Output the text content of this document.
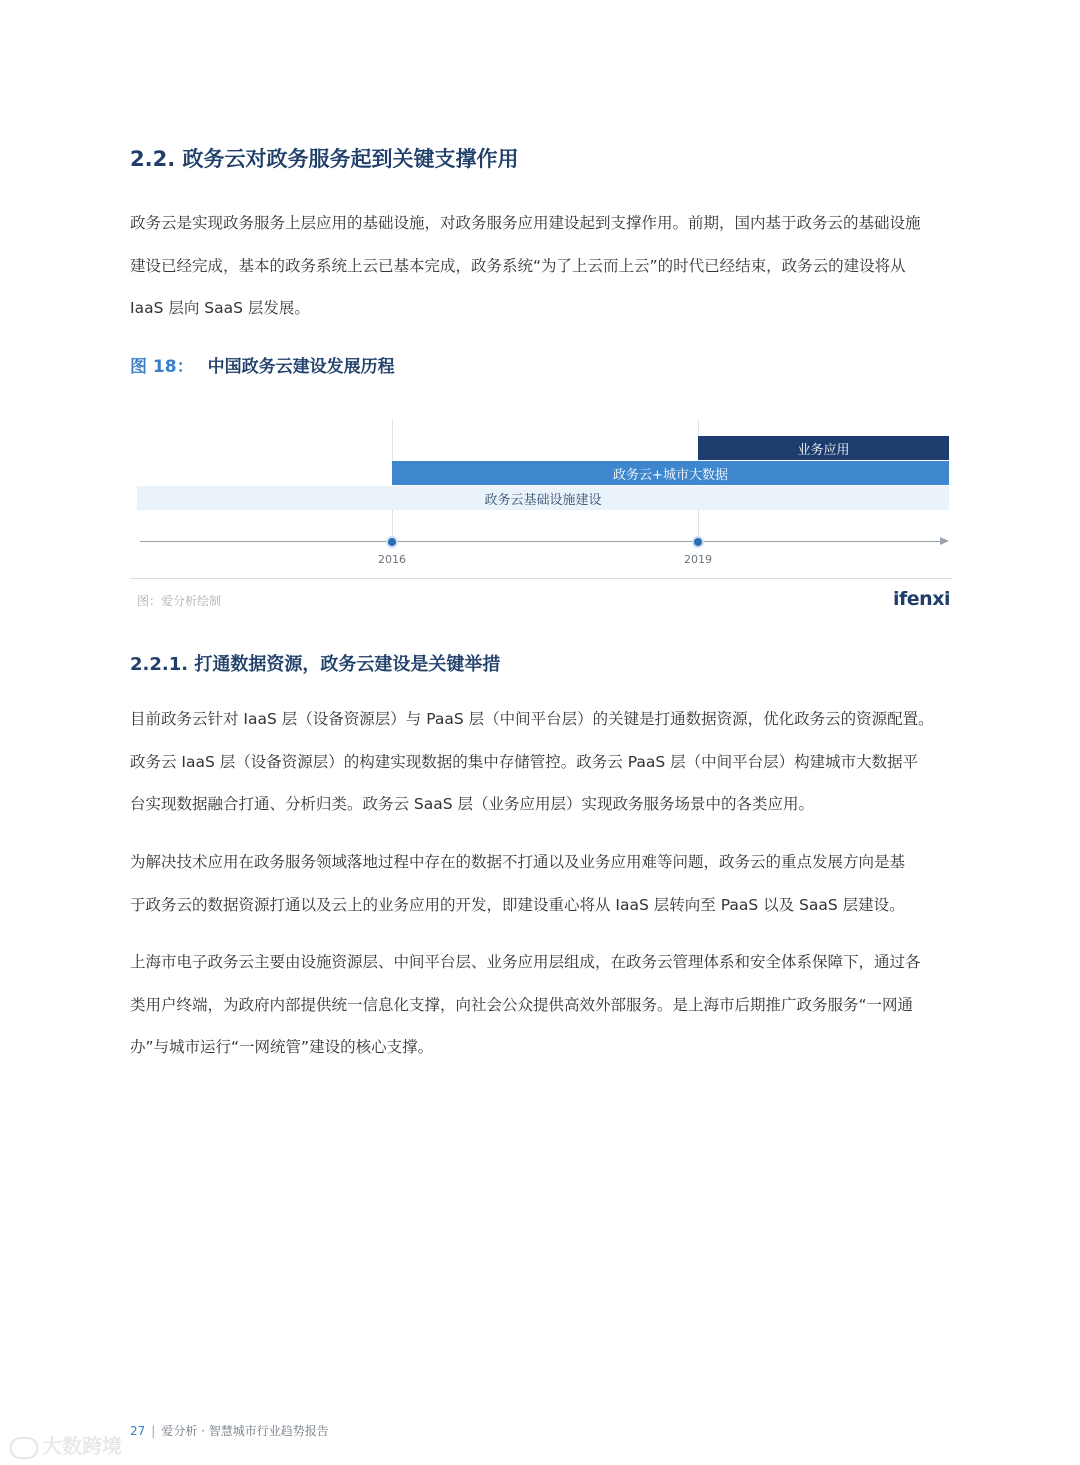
2.2. 政务云对政务服务起到关键支撑作用
政务云是实现政务服务上层应用的基础设施，对政务服务应用建设起到支撑作用。前期，国内基于政务云的基础设施
建设已经完成，基本的政务系统上云已基本完成，政务系统“为了上云而上云”的时代已经结束，政务云的建设将从
IaaS 层向 SaaS 层发展。
图 18： 中国政务云建设发展历程
业务应用
政务云+城市大数据
政务云基础设施建设
2016	2019
图：爱分析绘制	ifenxi
2.2.1. 打通数据资源，政务云建设是关键举措
目前政务云针对 IaaS 层（设备资源层）与 PaaS 层（中间平台层）的关键是打通数据资源，优化政务云的资源配置。
政务云 IaaS 层（设备资源层）的构建实现数据的集中存储管控。政务云 PaaS 层（中间平台层）构建城市大数据平
台实现数据融合打通、分析归类。政务云 SaaS 层（业务应用层）实现政务服务场景中的各类应用。
为解决技术应用在政务服务领域落地过程中存在的数据不打通以及业务应用难等问题，政务云的重点发展方向是基
于政务云的数据资源打通以及云上的业务应用的开发，即建设重心将从 IaaS 层转向至 PaaS 以及 SaaS 层建设。
上海市电子政务云主要由设施资源层、中间平台层、业务应用层组成，在政务云管理体系和安全体系保障下，通过各
类用户终端，为政府内部提供统一信息化支撑，向社会公众提供高效外部服务。是上海市后期推广政务服务“一网通
办”与城市运行“一网统管”建设的核心支撑。
27 | 爱分析 · 智慧城市行业趋势报告
大数跨境
